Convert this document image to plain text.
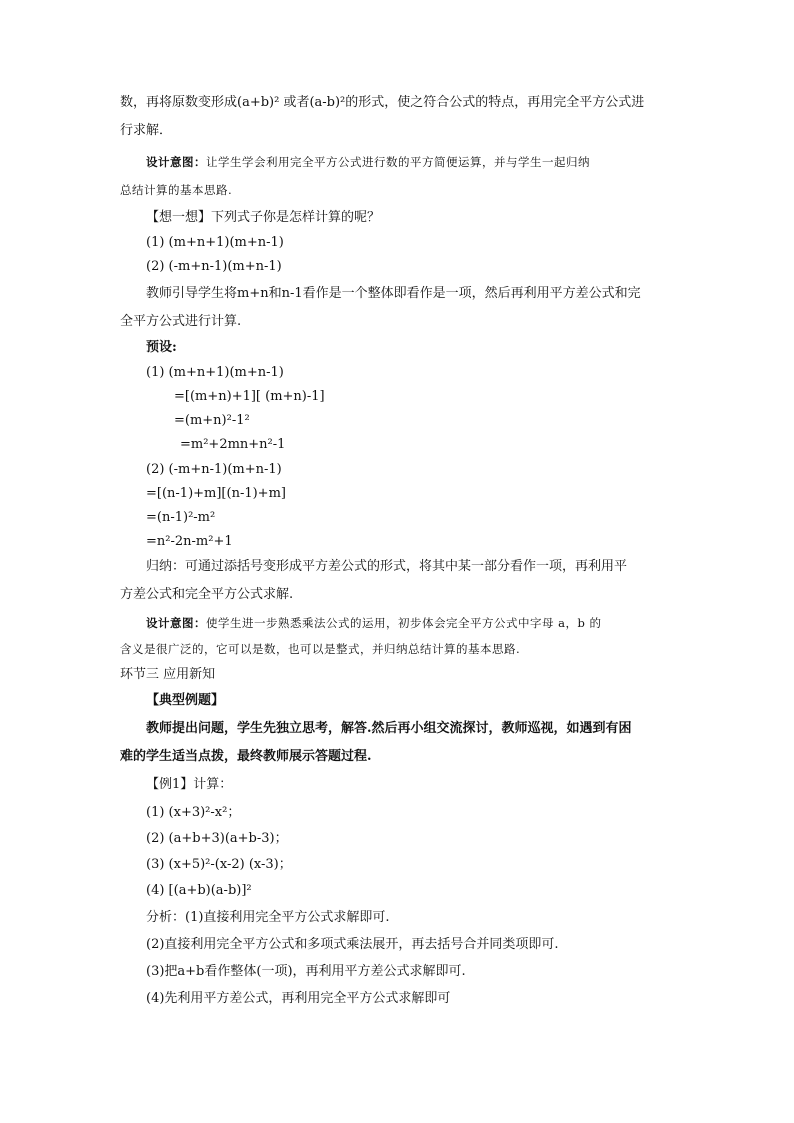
数，再将原数变形成(a+b)² 或者(a-b)²的形式，使之符合公式的特点，再用完全平方公式进
行求解．
设计意图：让学生学会利用完全平方公式进行数的平方简便运算，并与学生一起归纳
总结计算的基本思路.
【想一想】下列式子你是怎样计算的呢？
(1) (m+n+1)(m+n-1)
(2) (-m+n-1)(m+n-1)
教师引导学生将m+n和n-1看作是一个整体即看作是一项，然后再利用平方差公式和完
全平方公式进行计算.
预设:
(1) (m+n+1)(m+n-1)
=[(m+n)+1][ (m+n)-1]
=(m+n)²-1²
=m²+2mn+n²-1
(2) (-m+n-1)(m+n-1)
=[(n-1)+m][(n-1)+m]
=(n-1)²-m²
=n²-2n-m²+1
归纳：可通过添括号变形成平方差公式的形式，将其中某一部分看作一项，再利用平
方差公式和完全平方公式求解.
设计意图：使学生进一步熟悉乘法公式的运用，初步体会完全平方公式中字母 a，b 的
含义是很广泛的，它可以是数，也可以是整式，并归纳总结计算的基本思路.
环节三 应用新知
【典型例题】
教师提出问题，学生先独立思考，解答.然后再小组交流探讨，教师巡视，如遇到有困
难的学生适当点拨，最终教师展示答题过程.
【例1】计算：
(1) (x+3)²-x²；
(2) (a+b+3)(a+b-3)；
(3) (x+5)²-(x-2) (x-3)；
(4) [(a+b)(a-b)]²
分析：(1)直接利用完全平方公式求解即可.
(2)直接利用完全平方公式和多项式乘法展开，再去括号合并同类项即可.
(3)把a+b看作整体(一项)，再利用平方差公式求解即可.
(4)先利用平方差公式，再利用完全平方公式求解即可
